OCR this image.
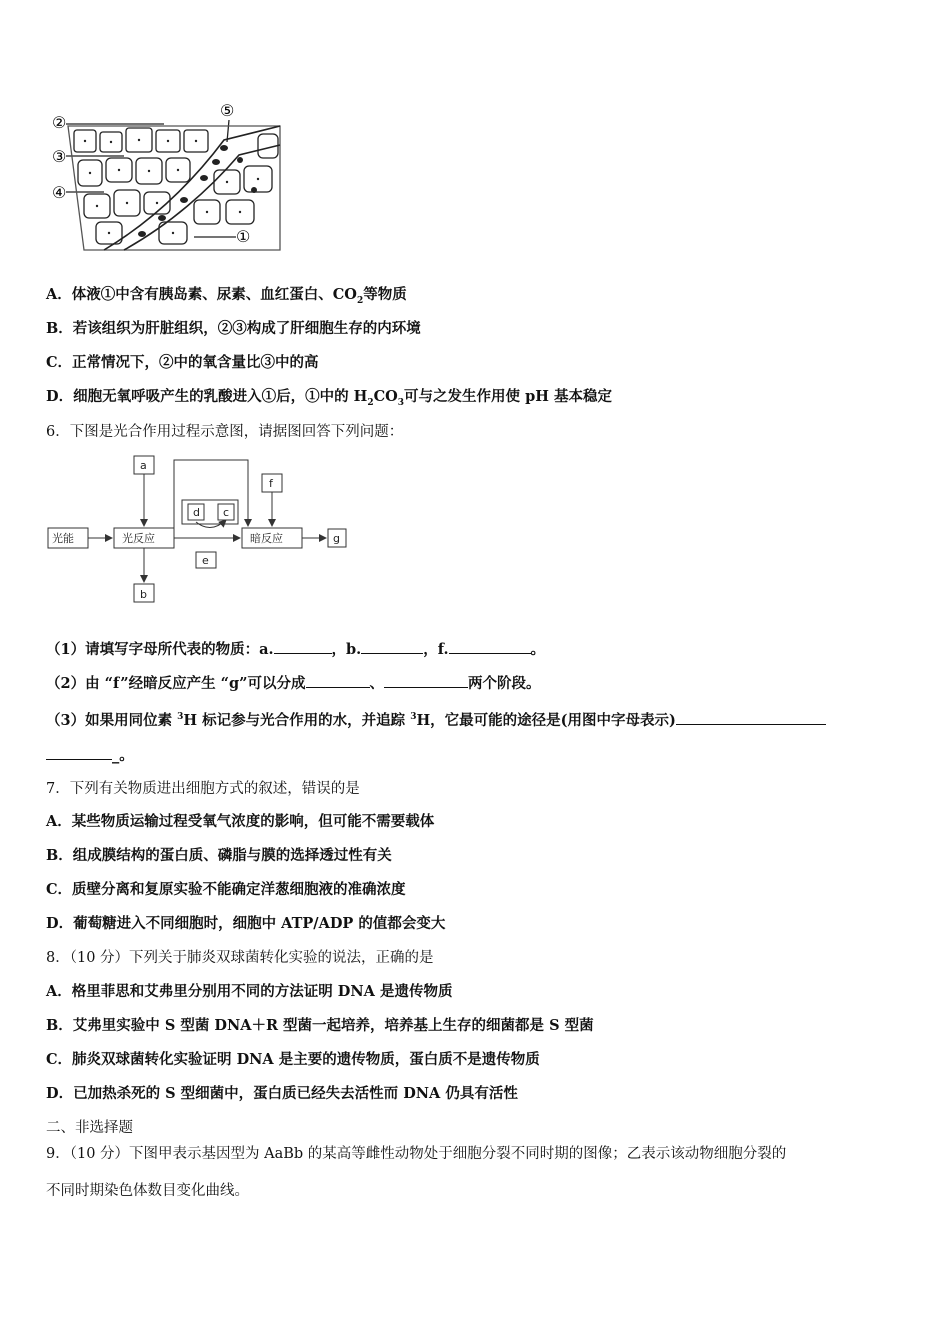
②
③
④
⑤
①
A．体液①中含有胰岛素、尿素、血红蛋白、$CO_2$等物质
B．若该组织为肝脏组织，②③构成了肝细胞生存的内环境
C．正常情况下，②中的氧含量比③中的高
D．细胞无氧呼吸产生的乳酸进入①后，①中的 $H_2CO_3$可与之发生作用使 pH 基本稳定
6．下图是光合作用过程示意图，请据图回答下列问题：
光能	光反应	暗反应
a
b
c
d
e
f
g
（1）请填写字母所代表的物质：a.	，b.	，f.	。
（2）由 “f”经暗反应产生 “g”可以分成	、	两个阶段。
（3）如果用同位素 $^3$H 标记参与光合作用的水，并追踪 $^3$H，它最可能的途径是(用图中字母表示)
_。
7．下列有关物质进出细胞方式的叙述，错误的是
A．某些物质运输过程受氧气浓度的影响，但可能不需要载体
B．组成膜结构的蛋白质、磷脂与膜的选择透过性有关
C．质壁分离和复原实验不能确定洋葱细胞液的准确浓度
D．葡萄糖进入不同细胞时，细胞中 ATP/ADP 的值都会变大
8．（10 分）下列关于肺炎双球菌转化实验的说法，正确的是
A．格里菲思和艾弗里分别用不同的方法证明 DNA 是遗传物质
B．艾弗里实验中 S 型菌 DNA＋R 型菌一起培养，培养基上生存的细菌都是 S 型菌
C．肺炎双球菌转化实验证明 DNA 是主要的遗传物质，蛋白质不是遗传物质
D．已加热杀死的 S 型细菌中，蛋白质已经失去活性而 DNA 仍具有活性
二、非选择题
9．（10 分）下图甲表示基因型为 AaBb 的某高等雌性动物处于细胞分裂不同时期的图像；乙表示该动物细胞分裂的
不同时期染色体数目变化曲线。
